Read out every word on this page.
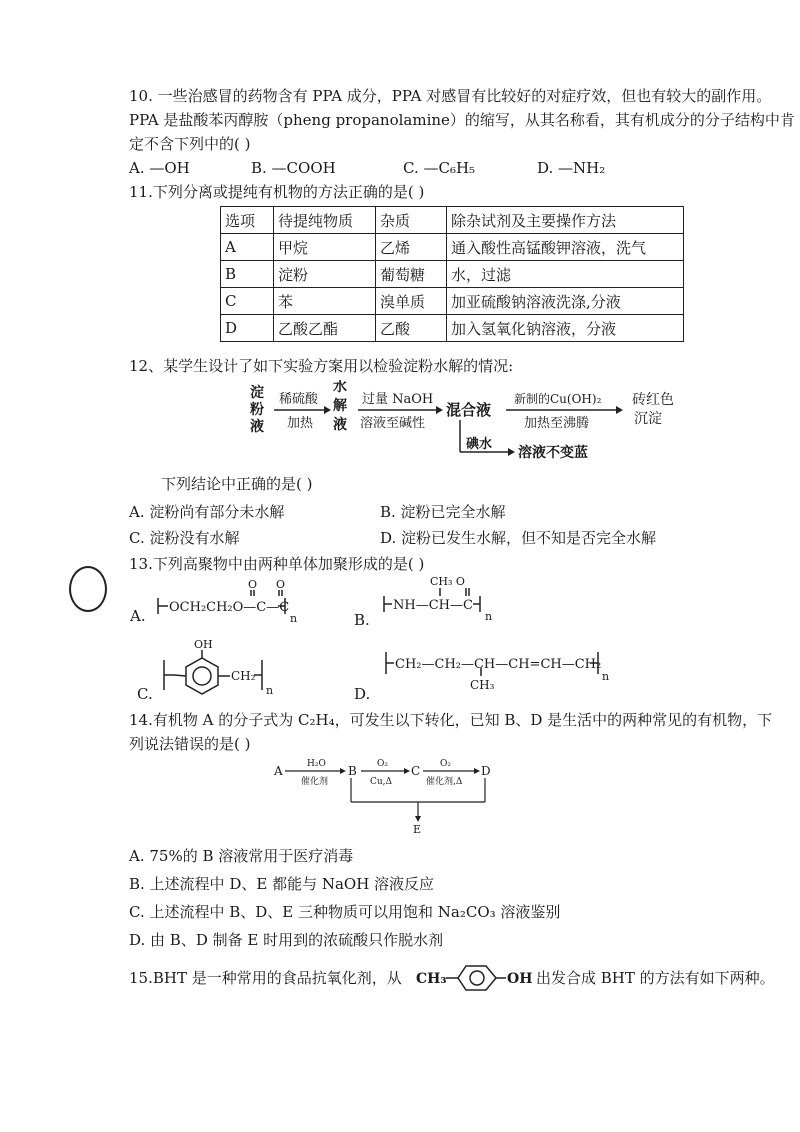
10. 一些治感冒的药物含有 PPA 成分，PPA 对感冒有比较好的对症疗效，但也有较大的副作用。
PPA 是盐酸苯丙醇胺（pheng propanolamine）的缩写，从其名称看，其有机成分的分子结构中肯
定不含下列中的( )
A. —OH	B. —COOH	C. —C₆H₅	D. —NH₂
11.下列分离或提纯有机物的方法正确的是( )
选项	待提纯物质	杂质	除杂试剂及主要操作方法
A	甲烷	乙烯	通入酸性高锰酸钾溶液，洗气
B	淀粉	葡萄糖	水，过滤
C	苯	溴单质	加亚硫酸钠溶液洗涤,分液
D	乙酸乙酯	乙酸	加入氢氧化钠溶液，分液
12、某学生设计了如下实验方案用以检验淀粉水解的情况:
淀
粉
液
稀硫酸
加热
水
解
液
过量 NaOH
溶液至碱性
混合液
新制的Cu(OH)₂
加热至沸腾
砖红色
沉淀
碘水
溶液不变蓝
下列结论中正确的是( )
A. 淀粉尚有部分未水解	B. 淀粉已完全水解
C. 淀粉没有水解	D. 淀粉已发生水解，但不知是否完全水解
13.下列高聚物中由两种单体加聚形成的是( )
A. OCH₂CH₂O—C—C
O O
n	B.
NH—CH—C
CH₃ O
n
C.
OH
CH₂
n	D.
CH₂—CH₂—CH—CH=CH—CH₂
CH₃
n
14.有机物 A 的分子式为 C₂H₄，可发生以下转化，已知 B、D 是生活中的两种常见的有机物，下
列说法错误的是( )
A	H₂O
催化剂
B O₂
Cu,Δ
C O₂
催化剂,Δ
D
E
A. 75%的 B 溶液常用于医疗消毒
B. 上述流程中 D、E 都能与 NaOH 溶液反应
C. 上述流程中 B、D、E 三种物质可以用饱和 Na₂CO₃ 溶液鉴别
D. 由 B、D 制备 E 时用到的浓硫酸只作脱水剂
15.BHT 是一种常用的食品抗氧化剂，从 CH₃	OH 出发合成 BHT 的方法有如下两种。
